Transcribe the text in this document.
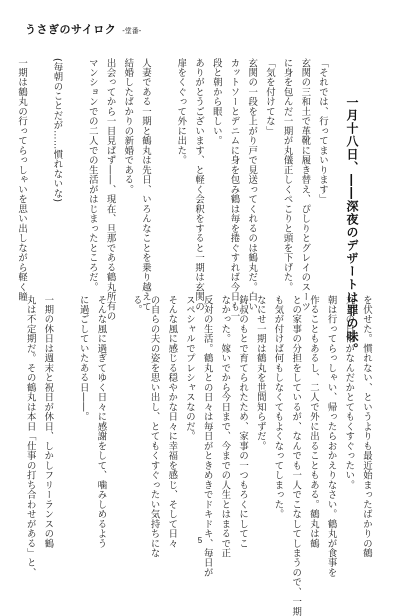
うさぎのサイロク -堂番-
一月十八日、――深夜のデザートは罪の味。
「それでは、行ってまいります」
玄関の三和土で革靴に履き替え、ぴしりとグレイのスーツ
に身を包んだ一期が丸儀正しくペこりと頭を下げた。
「気を付けてな」
玄関の一段を上がり戸で見送ってくれるのは鶴丸だ。白い
カットソーとデニムに身を包み鶴は毎を捲ぐすれば今日も一
段と朝から眼しい。
ありがとうございます、と軽く会釈をすると一期は玄関の
扉をくぐって外に出た。

人妻である一期と鶴丸は先日、いろんなことを乗り越えて
結婚したばかりの新婚である。
出会ってから一目見ぱず――、現在、旦那である鶴丸所有の
マンションでの二人での生活がはじまったところだ。

(毎朝のことだが……慣れないな)

一期は鶴丸の行ってらっしゃいを思い出しながら軽く瞳
を伏せた。慣れない、というよりも最近始まったばかりの鶴
丸との日常がなんだかとてもくすぐったい。
朝は行ってらっしゃい、帰ったらおかえりなさい。鶴丸が食事を
作ることもあるし、二人で外に出ることもある。鶴丸は鶴
との家事の分担をしているが、なんでも一人でこなしてしまうので、一期
も気が付けば何もしなくてもよくなってしまった。
なにせ一期は鶴丸を世間知らずだ。
鋳叔のもとで育てられたため、家事の一つもろくにしてこ
なかった。嫁いでから今日まで、今までの人生とはまるで正
反対の生活。鶴丸との日々は毎日がときめきでドキドキ、毎日が
スペシャルでプレシャスなのだ。
そんな風に感じる穏やかな日々に幸福を感じ、そして日々
の自らの夫の姿を思い出し、とてもくすぐったい気持ちにな
る。

そんな風に過ぎてゆく日々に感謝をして、噛みしめるよう
に過ごしていたある日――。

一期の休日は週末と祝日が休日、しかしフリーランスの鶴
丸は不定期だ。その鶴丸は本日「仕事の打ち合わせがある」と、	5
